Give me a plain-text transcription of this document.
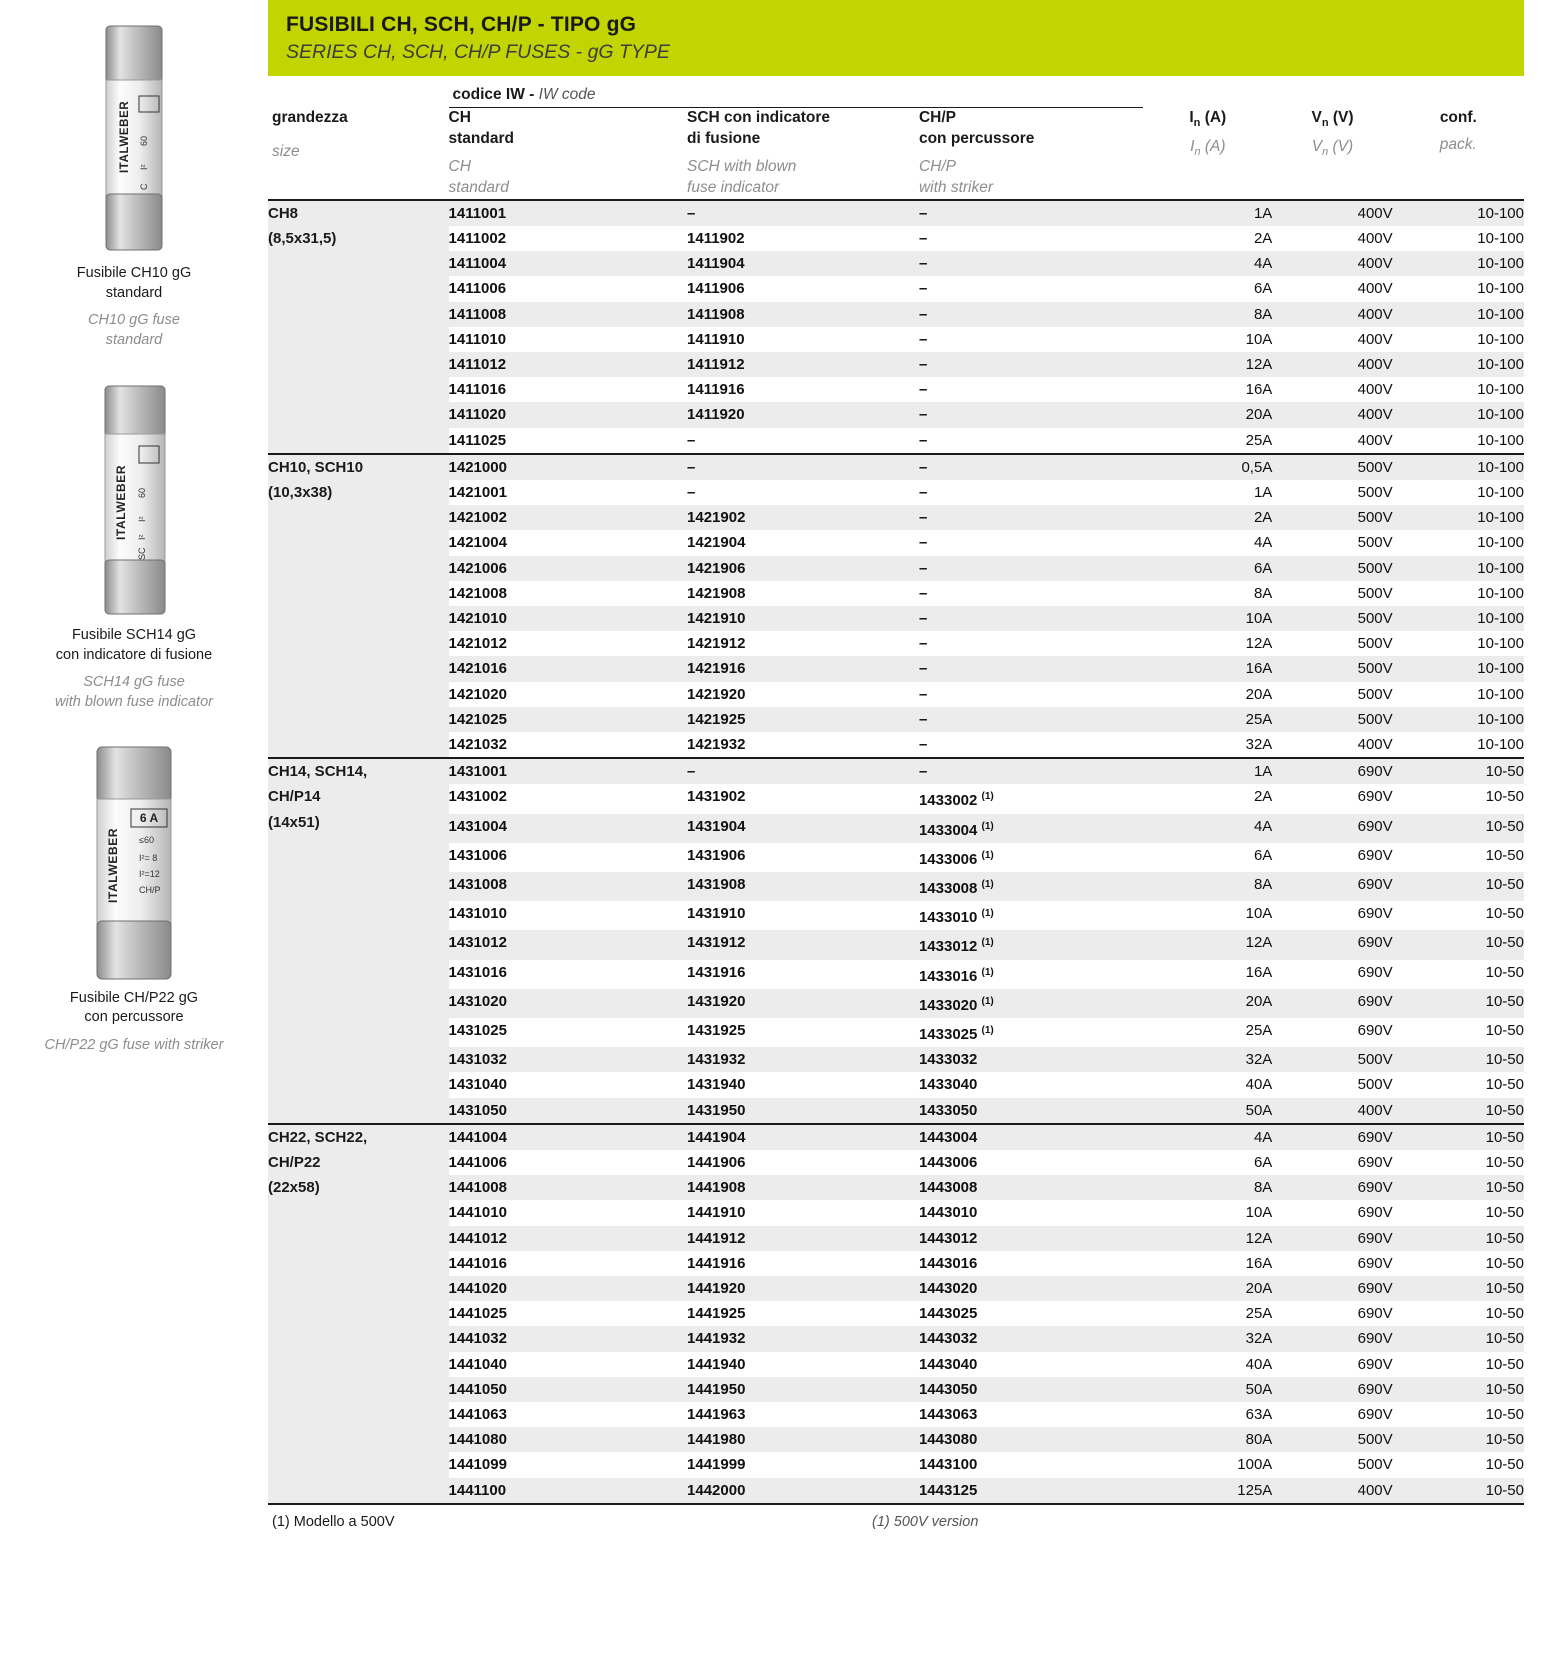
ITALWEBER 60
I²
C
Fusibile CH10 gG
standard
CH10 gG fuse
standard
ITALWEBER 60
I²
I²
SC
Fusibile SCH14 gG
con indicatore di fusione
SCH14 gG fuse
with blown fuse indicator
ITALWEBER
6 A
≤60
I²= 8
I²=12
CH/P
Fusibile CH/P22 gG
con percussore
CH/P22 gG fuse with striker
FUSIBILI CH, SCH, CH/P - TIPO gG
SERIES CH, SCH, CH/P FUSES - gG TYPE
	codice IW - IW code					
grandezza
size	CH
standard
CH
standard	SCH con indicatore
di fusione
SCH with blown
fuse indicator	CH/P
con percussore
CH/P
with striker	$I_n$ (A)
$I_n$ (A)	$V_n$ (V)
$V_n$ (V)	conf.
pack.

CH8
(8,5x31,5)	1411001	–	–	1A	400V	10-100
	1411002	1411902	–	2A	400V	10-100
	1411004	1411904	–	4A	400V	10-100
	1411006	1411906	–	6A	400V	10-100
	1411008	1411908	–	8A	400V	10-100
	1411010	1411910	–	10A	400V	10-100
	1411012	1411912	–	12A	400V	10-100
	1411016	1411916	–	16A	400V	10-100
	1411020	1411920	–	20A	400V	10-100
	1411025	–	–	25A	400V	10-100

CH10, SCH10
(10,3x38)	1421000	–	–	0,5A	500V	10-100
	1421001	–	–	1A	500V	10-100
	1421002	1421902	–	2A	500V	10-100
	1421004	1421904	–	4A	500V	10-100
	1421006	1421906	–	6A	500V	10-100
	1421008	1421908	–	8A	500V	10-100
	1421010	1421910	–	10A	500V	10-100
	1421012	1421912	–	12A	500V	10-100
	1421016	1421916	–	16A	500V	10-100
	1421020	1421920	–	20A	500V	10-100
	1421025	1421925	–	25A	500V	10-100
	1421032	1421932	–	32A	400V	10-100

CH14, SCH14,
CH/P14
(14x51)	1431001	–	–	1A	690V	10-50
	1431002	1431902	1433002 $^{(1)}$	2A	690V	10-50
	1431004	1431904	1433004 $^{(1)}$	4A	690V	10-50
	1431006	1431906	1433006 $^{(1)}$	6A	690V	10-50
	1431008	1431908	1433008 $^{(1)}$	8A	690V	10-50
	1431010	1431910	1433010 $^{(1)}$	10A	690V	10-50
	1431012	1431912	1433012 $^{(1)}$	12A	690V	10-50
	1431016	1431916	1433016 $^{(1)}$	16A	690V	10-50
	1431020	1431920	1433020 $^{(1)}$	20A	690V	10-50
	1431025	1431925	1433025 $^{(1)}$	25A	690V	10-50
	1431032	1431932	1433032	32A	500V	10-50
	1431040	1431940	1433040	40A	500V	10-50
	1431050	1431950	1433050	50A	400V	10-50

CH22, SCH22,
CH/P22
(22x58)	1441004	1441904	1443004	4A	690V	10-50
	1441006	1441906	1443006	6A	690V	10-50
	1441008	1441908	1443008	8A	690V	10-50
	1441010	1441910	1443010	10A	690V	10-50
	1441012	1441912	1443012	12A	690V	10-50
	1441016	1441916	1443016	16A	690V	10-50
	1441020	1441920	1443020	20A	690V	10-50
	1441025	1441925	1443025	25A	690V	10-50
	1441032	1441932	1443032	32A	690V	10-50
	1441040	1441940	1443040	40A	690V	10-50
	1441050	1441950	1443050	50A	690V	10-50
	1441063	1441963	1443063	63A	690V	10-50
	1441080	1441980	1443080	80A	500V	10-50
	1441099	1441999	1443100	100A	500V	10-50
	1441100	1442000	1443125	125A	400V	10-50

(1) Modello a 500V	(1) 500V version
